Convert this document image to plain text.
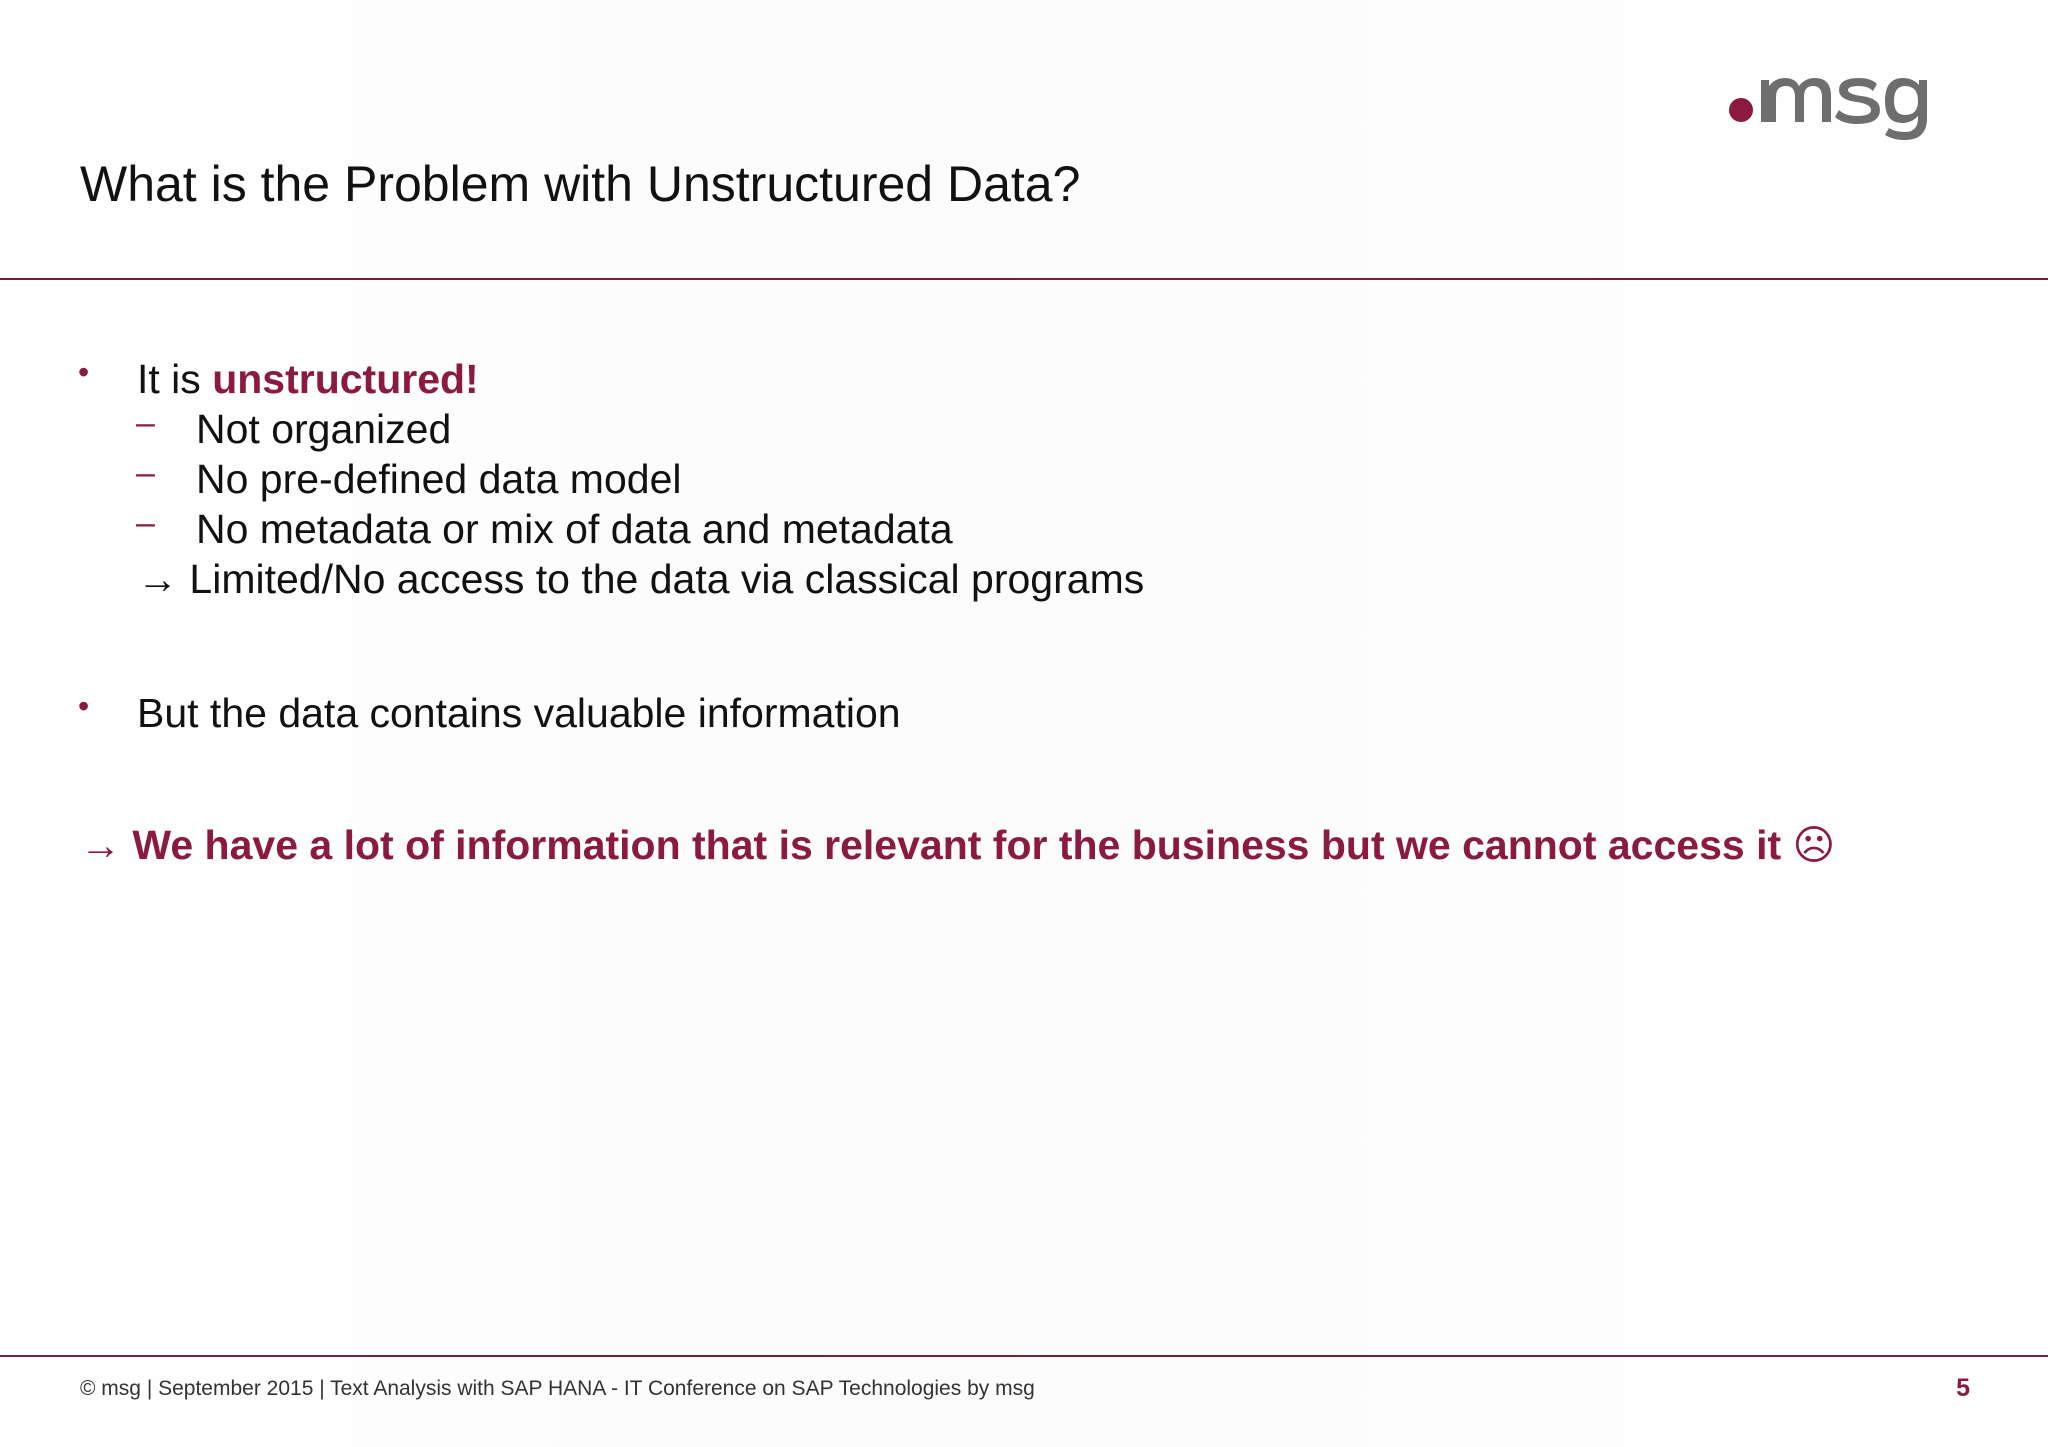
What is the Problem with Unstructured Data?
• It is unstructured!
– Not organized
– No pre-defined data model
– No metadata or mix of data and metadata
→ Limited/No access to the data via classical programs
• But the data contains valuable information
→ We have a lot of information that is relevant for the business but we cannot access it ☹
© msg | September 2015 | Text Analysis with SAP HANA - IT Conference on SAP Technologies by msg	5
